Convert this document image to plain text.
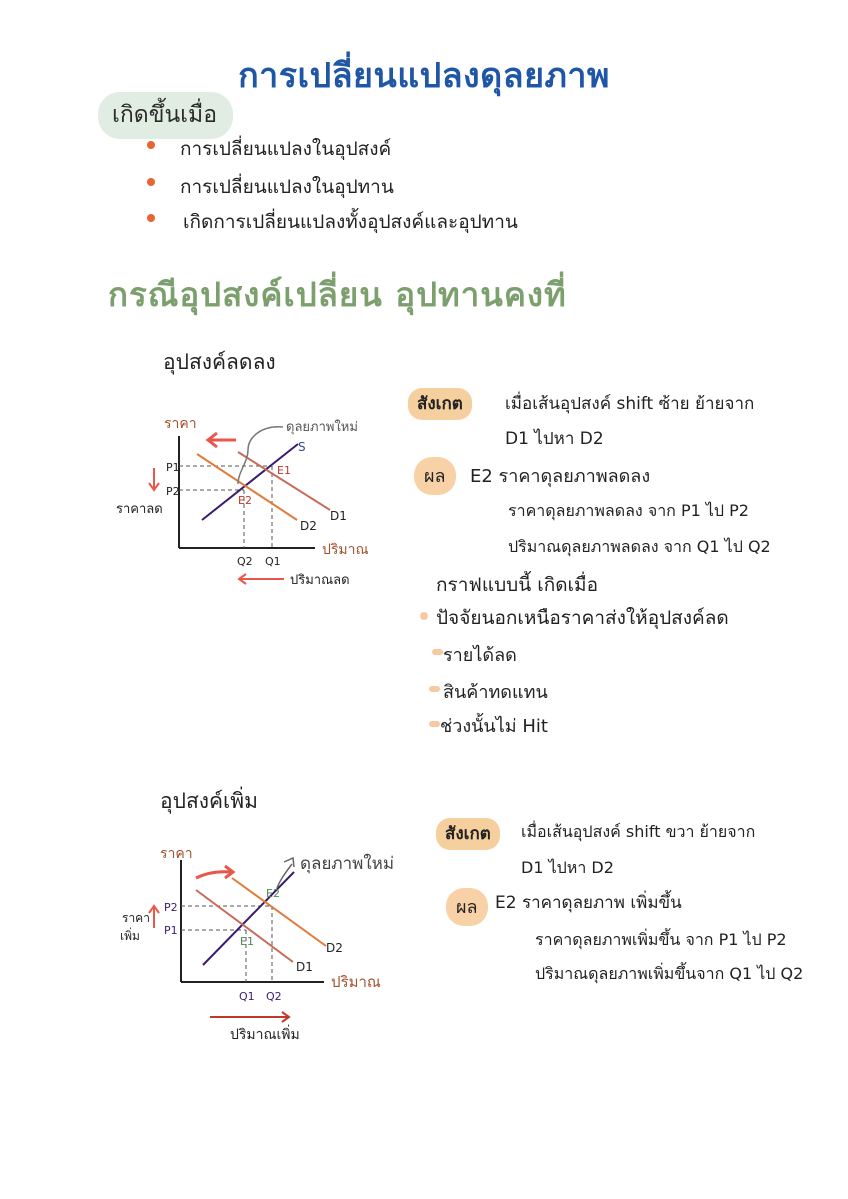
การเปลี่ยนแปลงดุลยภาพ
เกิดขึ้นเมื่อ
การเปลี่ยนแปลงในอุปสงค์
การเปลี่ยนแปลงในอุปทาน
เกิดการเปลี่ยนแปลงทั้งอุปสงค์และอุปทาน
กรณีอุปสงค์เปลี่ยน อุปทานคงที่
อุปสงค์ลดลง
ราคา	ดุลยภาพใหม่
S
E1
E2
P1
P2
D1
D2
ปริมาณ
Q2 Q1
ราคาลด
ปริมาณลด
สังเกต	เมื่อเส้นอุปสงค์ shift ซ้าย ย้ายจาก
D1 ไปหา D2
ผล	E2 ราคาดุลยภาพลดลง
ราคาดุลยภาพลดลง จาก P1 ไป P2
ปริมาณดุลยภาพลดลง จาก Q1 ไป Q2
กราฟแบบนี้ เกิดเมื่อ
ปัจจัยนอกเหนือราคาส่งให้อุปสงค์ลด
รายได้ลด
สินค้าทดแทน
ช่วงนั้นไม่ Hit
อุปสงค์เพิ่ม
ราคา	ดุลยภาพใหม่
E2
E1
P2
P1
D2
D1
ปริมาณ
Q1 Q2
ราคา
เพิ่ม
ปริมาณเพิ่ม
สังเกต	เมื่อเส้นอุปสงค์ shift ขวา ย้ายจาก
D1 ไปหา D2
ผล	E2 ราคาดุลยภาพ เพิ่มขึ้น
ราคาดุลยภาพเพิ่มขึ้น จาก P1 ไป P2
ปริมาณดุลยภาพเพิ่มขึ้นจาก Q1 ไป Q2
